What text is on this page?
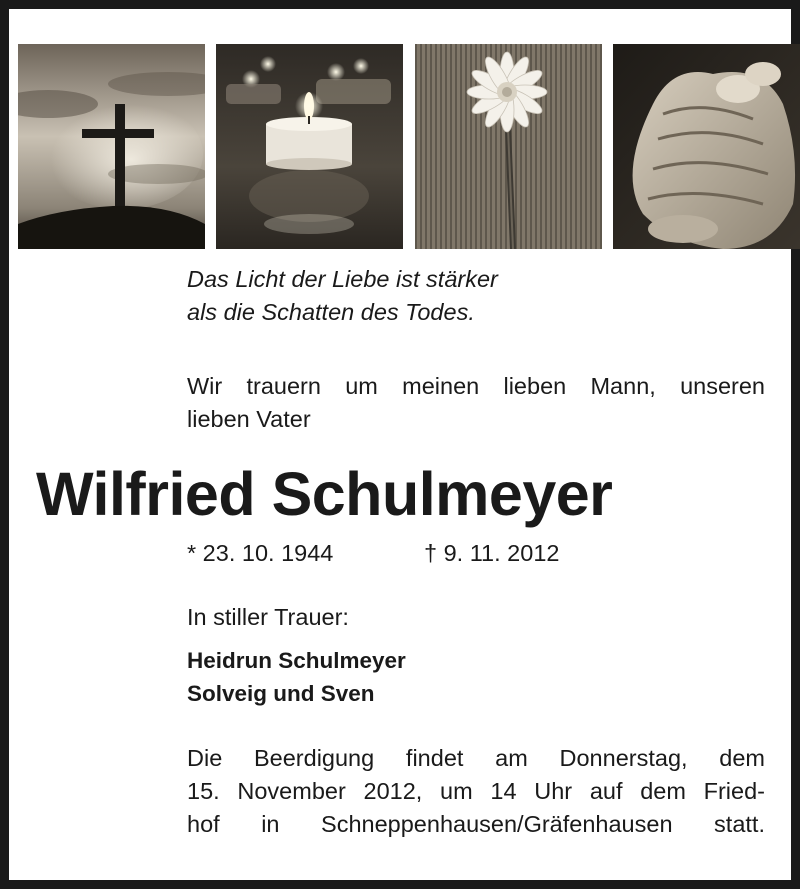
Das Licht der Liebe ist stärker
als die Schatten des Todes.
Wir trauern um meinen lieben Mann, unseren
lieben Vater
Wilfried Schulmeyer
* 23. 10. 1944	† 9. 11. 2012
In stiller Trauer:
Heidrun Schulmeyer
Solveig und Sven
Die Beerdigung findet am Donnerstag, dem
15. November 2012, um 14 Uhr auf dem Fried-
hof in Schneppenhausen/Gräfenhausen statt.
